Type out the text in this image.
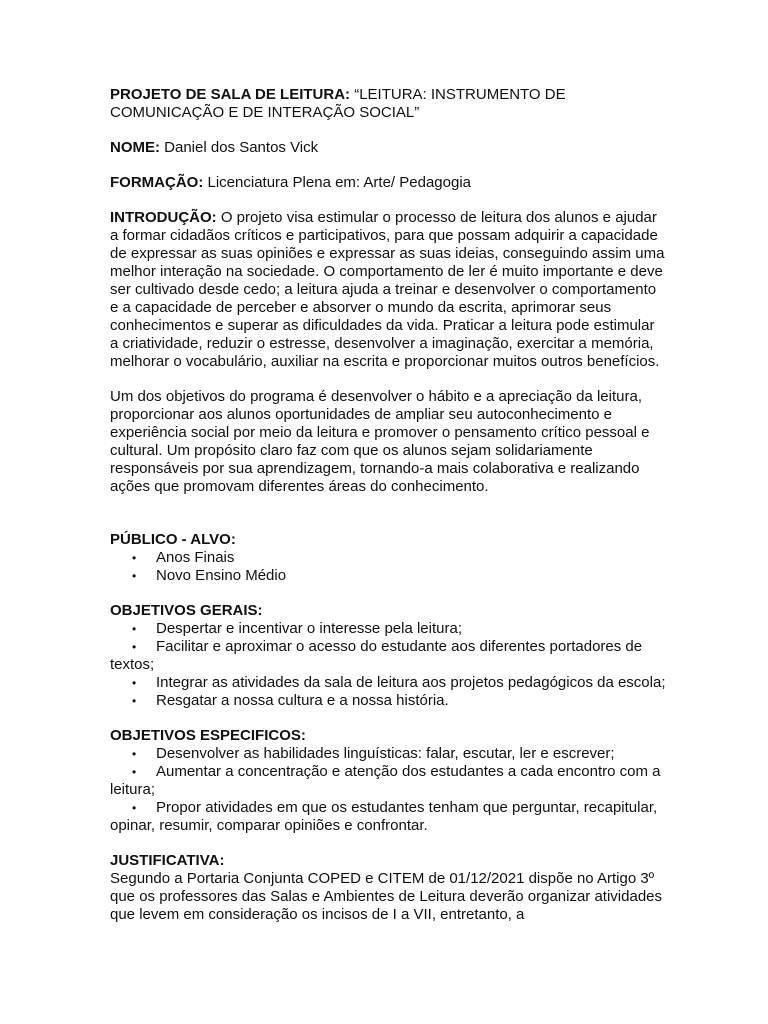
PROJETO DE SALA DE LEITURA: “LEITURA: INSTRUMENTO DE COMUNICAÇÃO E DE INTERAÇÃO SOCIAL”

NOME: Daniel dos Santos Vick

FORMAÇÃO: Licenciatura Plena em: Arte/ Pedagogia

INTRODUÇÃO: O projeto visa estimular o processo de leitura dos alunos e ajudar a formar cidadãos críticos e participativos, para que possam adquirir a capacidade de expressar as suas opiniões e expressar as suas ideias, conseguindo assim uma melhor interação na sociedade. O comportamento de ler é muito importante e deve ser cultivado desde cedo; a leitura ajuda a treinar e desenvolver o comportamento e a capacidade de perceber e absorver o mundo da escrita, aprimorar seus conhecimentos e superar as dificuldades da vida. Praticar a leitura pode estimular a criatividade, reduzir o estresse, desenvolver a imaginação, exercitar a memória, melhorar o vocabulário, auxiliar na escrita e proporcionar muitos outros benefícios.

Um dos objetivos do programa é desenvolver o hábito e a apreciação da leitura, proporcionar aos alunos oportunidades de ampliar seu autoconhecimento e experiência social por meio da leitura e promover o pensamento crítico pessoal e cultural. Um propósito claro faz com que os alunos sejam solidariamente responsáveis por sua aprendizagem, tornando-a mais colaborativa e realizando ações que promovam diferentes áreas do conhecimento.

PÚBLICO - ALVO:

• Anos Finais
• Novo Ensino Médio

OBJETIVOS GERAIS:

• Despertar e incentivar o interesse pela leitura;
• Facilitar e aproximar o acesso do estudante aos diferentes portadores de textos;
• Integrar as atividades da sala de leitura aos projetos pedagógicos da escola;
• Resgatar a nossa cultura e a nossa história.

OBJETIVOS ESPECIFICOS:

• Desenvolver as habilidades linguísticas: falar, escutar, ler e escrever;
• Aumentar a concentração e atenção dos estudantes a cada encontro com a leitura;
• Propor atividades em que os estudantes tenham que perguntar, recapitular, opinar, resumir, comparar opiniões e confrontar.

JUSTIFICATIVA:

Segundo a Portaria Conjunta COPED e CITEM de 01/12/2021 dispõe no Artigo 3º que os professores das Salas e Ambientes de Leitura deverão organizar atividades que levem em consideração os incisos de I a VII, entretanto, a
